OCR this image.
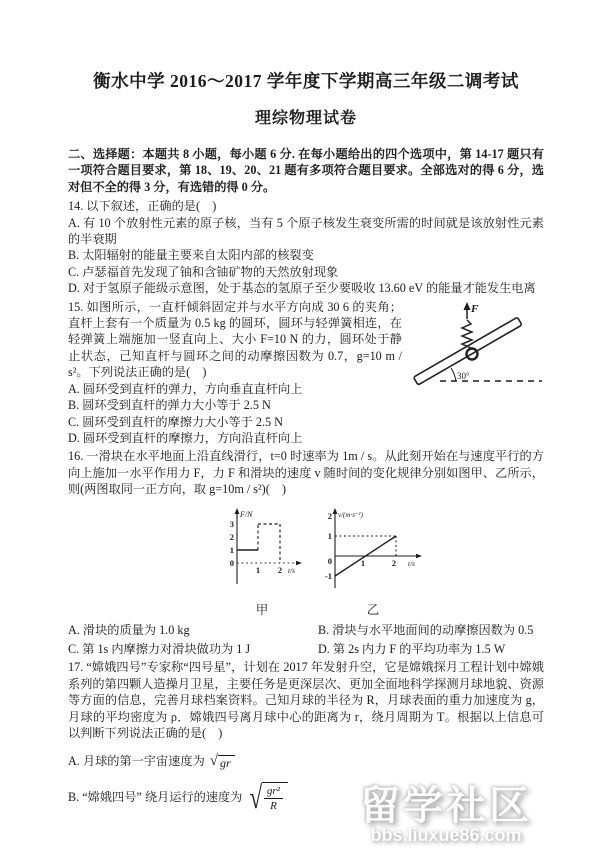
衡水中学 2016～2017 学年度下学期高三年级二调考试
理综物理试卷

二、选择题：本题共 8 小题，每小题 6 分. 在每小题给出的四个选项中，第 14-17 题只有一项符合题目要求，第 18、19、20、21 题有多项符合题目要求。全部选对的得 6 分，选对但不全的得 3 分，有选错的得 0 分。

14. 以下叙述，正确的是(　)

A. 有 10 个放射性元素的原子核，当有 5 个原子核发生衰变所需的时间就是该放射性元素的半衰期

B. 太阳辐射的能量主要来自太阳内部的核裂变

C. 卢瑟福首先发现了铀和含铀矿物的天然放射现象

D. 对于氢原子能级示意图，处于基态的氢原子至少要吸收 13.60 eV 的能量才能发生电离

30°
F

15. 如图所示，一直杆倾斜固定并与水平方向成 30 6 的夹角；直杆上套有一个质量为 0.5 kg 的圆环，圆环与轻弹簧相连，在轻弹簧上端施加一竖直向上、大小 F=10 N 的力，圆环处于静止状态，己知直杆与圆环之间的动摩擦因数为 0.7，g=10 m / s²。下列说法正确的是(　)

A. 圆环受到直杆的弹力，方向垂直直杆向上

B. 圆环受到直杆的弹力大小等于 2.5 N

C. 圆环受到直杆的摩擦力大小等于 2.5 N

D. 圆环受到直杆的摩擦力，方向沿直杆向上

16. 一滑块在水平地面上沿直线滑行，t=0 时速率为 1m / s。从此刻开始在与速度平行的方向上施加一水平作用力 F，力 F 和滑块的速度 v 随时间的变化规律分别如图甲、乙所示，则(两图取同一正方向，取 g=10m / s²)(　)

3
2
1
0
1 2
F/N
t/s
甲
2
1
0
-1
1	2
v/(m·s⁻¹)
t/s
乙

A. 滑块的质量为 1.0 kg	B. 滑块与水平地面间的动摩擦因数为 0.5

C. 第 1s 内摩擦力对滑块做功为 1 J	D. 第 2s 内力 F 的平均功率为 1.5 W

17. “嫦娥四号”专家称“四号星”，计划在 2017 年发射升空，它是嫦娥探月工程计划中嫦娥系列的第四颗人造操月卫星，主要任务是更深层次、更加全面地科学探测月球地貌、资源等方面的信息，完善月球档案资料。己知月球的半径为 R，月球表面的重力加速度为 g，月球的平均密度为 ρ．嫦娥四号离月球中心的距离为 r，绕月周期为 T。根据以上信息可以判断下列说法正确的是(　)

A. 月球的第一宇宙速度为 √ gr

B. “嫦娥四号” 绕月运行的速度为 √ $\frac{\text{gr²}}{R}$ 留学社区
bbs.liuxue86.com
